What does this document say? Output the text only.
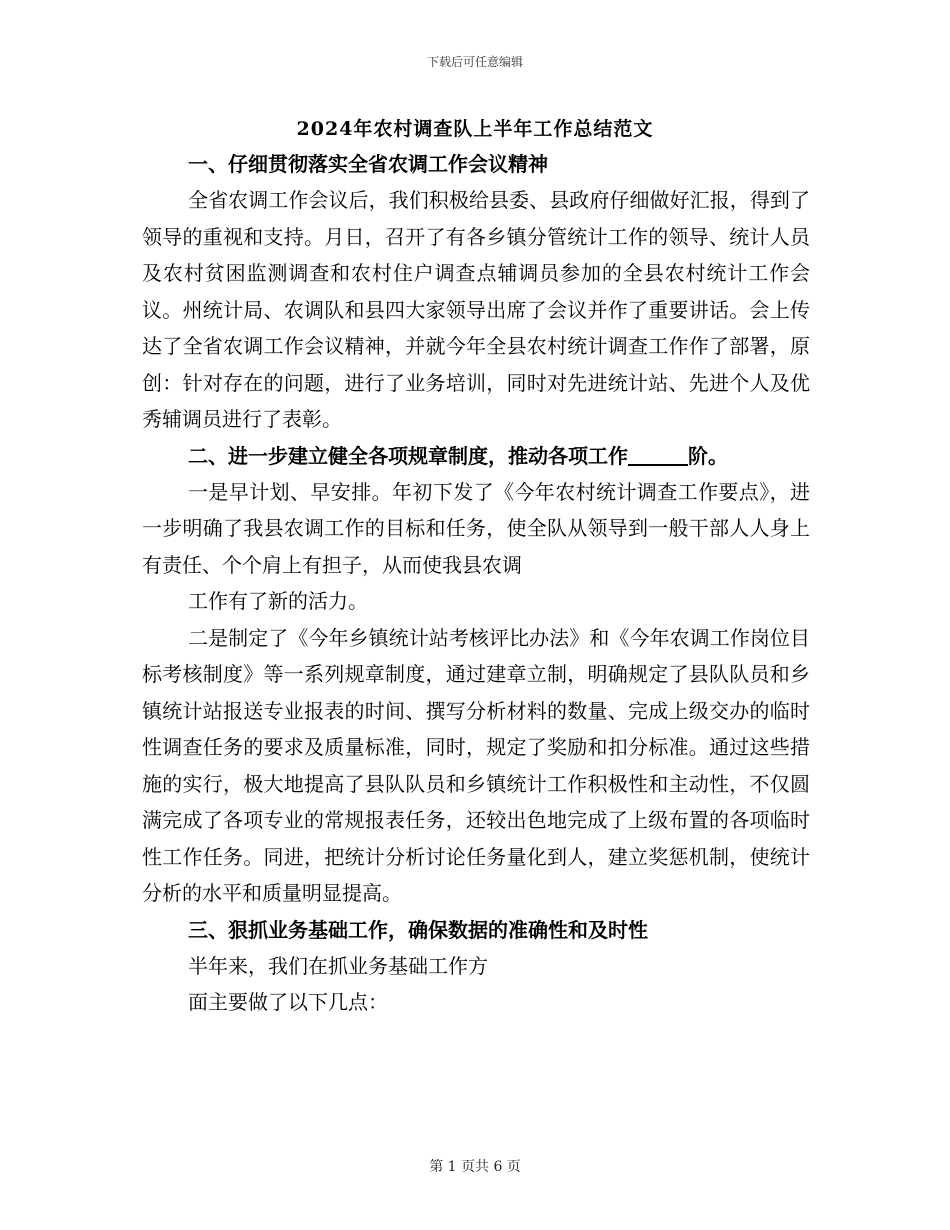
下载后可任意编辑
2024年农村调查队上半年工作总结范文
一、仔细贯彻落实全省农调工作会议精神

全省农调工作会议后，我们积极给县委、县政府仔细做好汇报，得到了领导的重视和支持。月日，召开了有各乡镇分管统计工作的领导、统计人员及农村贫困监测调查和农村住户调查点辅调员参加的全县农村统计工作会议。州统计局、农调队和县四大家领导出席了会议并作了重要讲话。会上传达了全省农调工作会议精神，并就今年全县农村统计调查工作作了部署，原创：针对存在的问题，进行了业务培训，同时对先进统计站、先进个人及优秀辅调员进行了表彰。

二、进一步建立健全各项规章制度，推动各项工作	阶。

一是早计划、早安排。年初下发了《今年农村统计调查工作要点》，进一步明确了我县农调工作的目标和任务，使全队从领导到一般干部人人身上有责任、个个肩上有担子，从而使我县农调

工作有了新的活力。

二是制定了《今年乡镇统计站考核评比办法》和《今年农调工作岗位目标考核制度》等一系列规章制度，通过建章立制，明确规定了县队队员和乡镇统计站报送专业报表的时间、撰写分析材料的数量、完成上级交办的临时性调查任务的要求及质量标准，同时，规定了奖励和扣分标准。通过这些措施的实行，极大地提高了县队队员和乡镇统计工作积极性和主动性，不仅圆满完成了各项专业的常规报表任务，还较出色地完成了上级布置的各项临时性工作任务。同进，把统计分析讨论任务量化到人，建立奖惩机制，使统计分析的水平和质量明显提高。

三、狠抓业务基础工作，确保数据的准确性和及时性

半年来，我们在抓业务基础工作方

面主要做了以下几点：

第 1 页共 6 页
